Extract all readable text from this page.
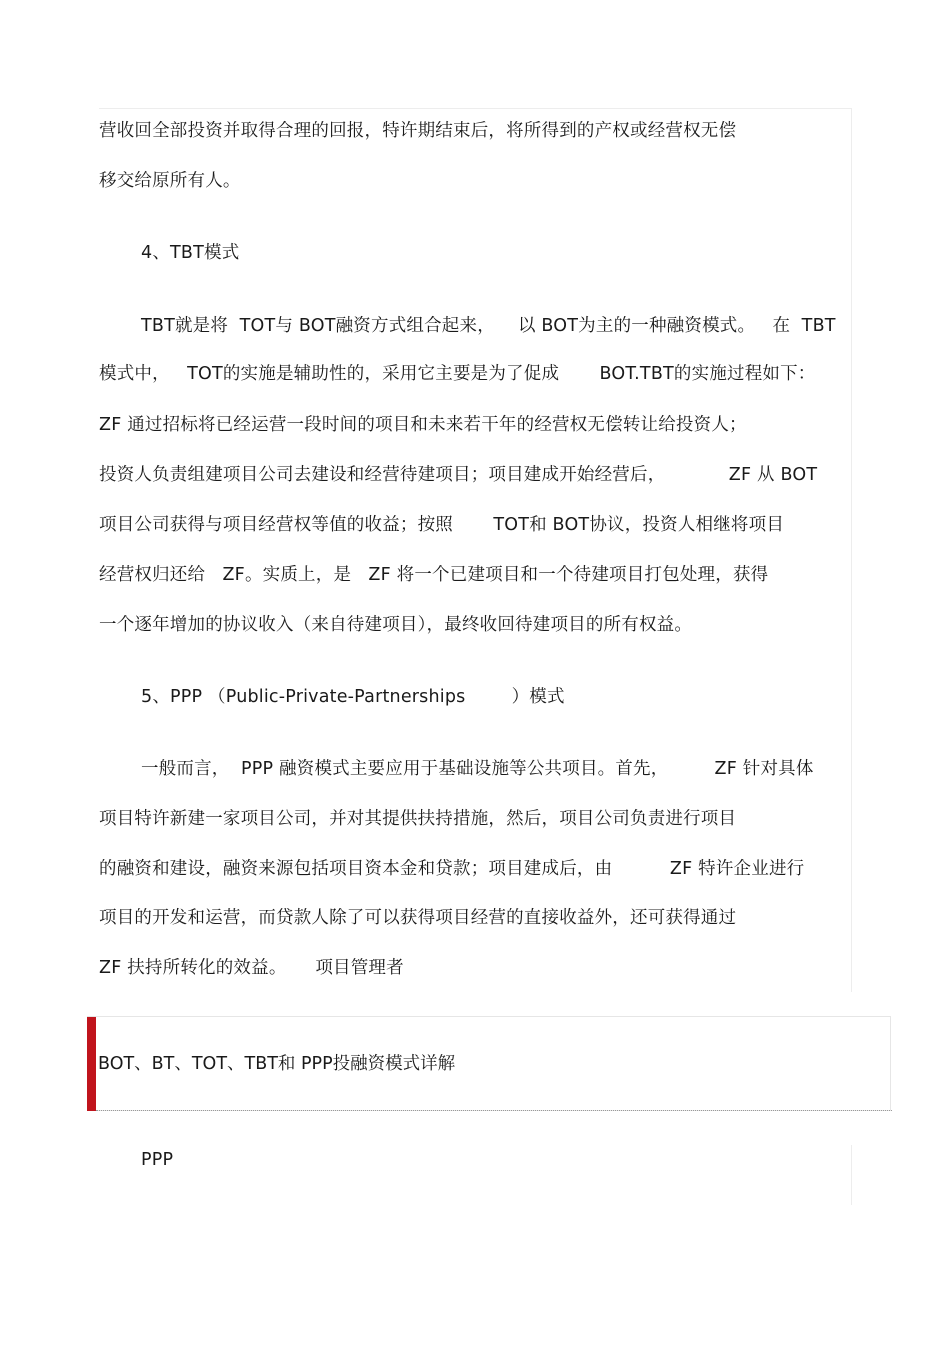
营收回全部投资并取得合理的回报，特许期结束后，将所得到的产权或经营权无偿
移交给原所有人。
4、TBT模式
TBT就是将  TOT与 BOT融资方式组合起来，    以 BOT为主的一种融资模式。   在  TBT
模式中，   TOT的实施是辅助性的，采用它主要是为了促成       BOT.TBT的实施过程如下：
ZF 通过招标将已经运营一段时间的项目和未来若干年的经营权无偿转让给投资人；
投资人负责组建项目公司去建设和经营待建项目；项目建成开始经营后，           ZF 从 BOT
项目公司获得与项目经营权等值的收益；按照       TOT和 BOT协议，投资人相继将项目
经营权归还给   ZF。实质上，是   ZF 将一个已建项目和一个待建项目打包处理，获得
一个逐年增加的协议收入（来自待建项目），最终收回待建项目的所有权益。
5、PPP （Public-Private-Partnerships        ）模式
一般而言，  PPP 融资模式主要应用于基础设施等公共项目。首先，        ZF 针对具体
项目特许新建一家项目公司，并对其提供扶持措施，然后，项目公司负责进行项目
的融资和建设，融资来源包括项目资本金和贷款；项目建成后，由          ZF 特许企业进行
项目的开发和运营，而贷款人除了可以获得项目经营的直接收益外，还可获得通过
ZF 扶持所转化的效益。     项目管理者
BOT、BT、TOT、TBT和 PPP投融资模式详解
PPP
